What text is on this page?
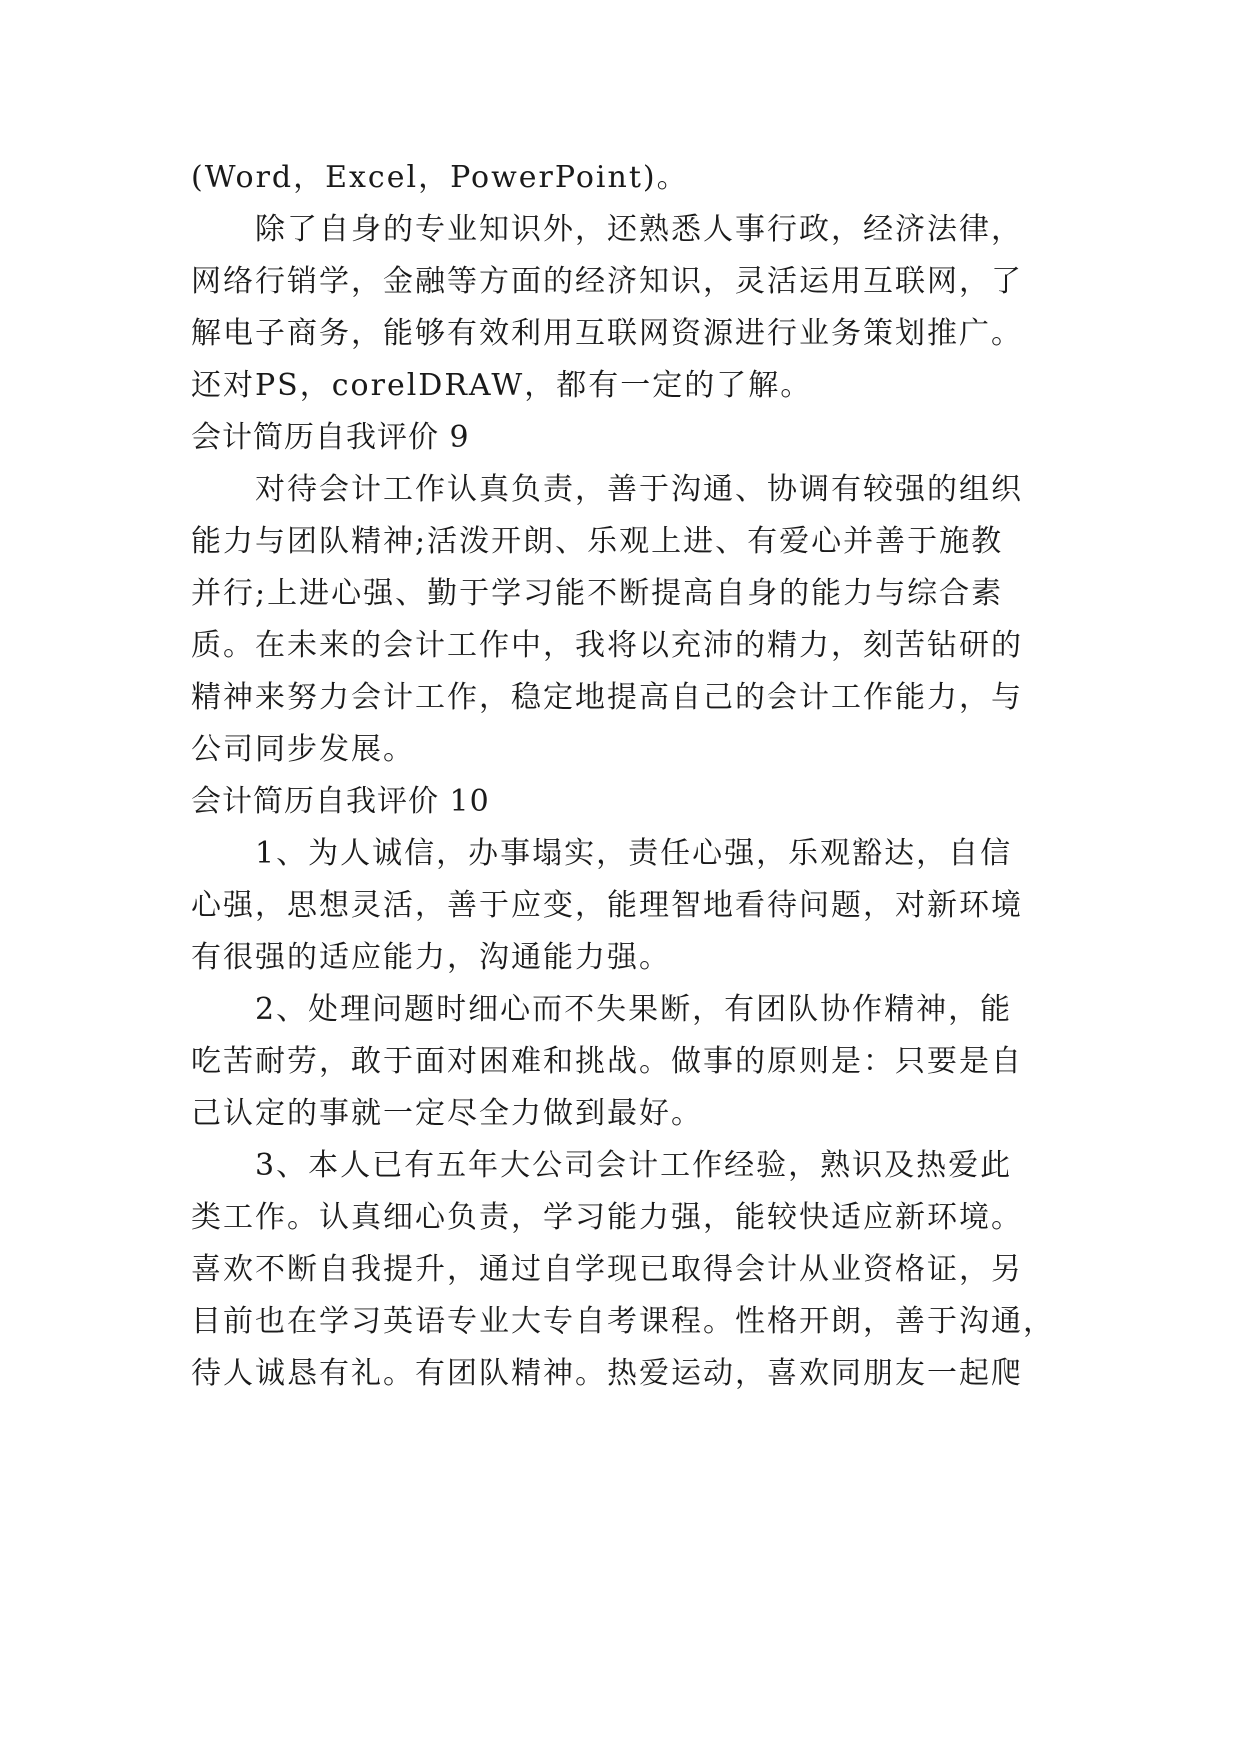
(Word，Excel，PowerPoint)。
除了自身的专业知识外，还熟悉人事行政，经济法律，
网络行销学，金融等方面的经济知识，灵活运用互联网，了
解电子商务，能够有效利用互联网资源进行业务策划推广。
还对PS，corelDRAW，都有一定的了解。
会计简历自我评价 9
对待会计工作认真负责，善于沟通、协调有较强的组织
能力与团队精神;活泼开朗、乐观上进、有爱心并善于施教
并行;上进心强、勤于学习能不断提高自身的能力与综合素
质。在未来的会计工作中，我将以充沛的精力，刻苦钻研的
精神来努力会计工作，稳定地提高自己的会计工作能力，与
公司同步发展。
会计简历自我评价 10
1、为人诚信，办事塌实，责任心强，乐观豁达，自信
心强，思想灵活，善于应变，能理智地看待问题，对新环境
有很强的适应能力，沟通能力强。
2、处理问题时细心而不失果断，有团队协作精神，能
吃苦耐劳，敢于面对困难和挑战。做事的原则是：只要是自
己认定的事就一定尽全力做到最好。
3、本人已有五年大公司会计工作经验，熟识及热爱此
类工作。认真细心负责，学习能力强，能较快适应新环境。
喜欢不断自我提升，通过自学现已取得会计从业资格证，另
目前也在学习英语专业大专自考课程。性格开朗，善于沟通，
待人诚恳有礼。有团队精神。热爱运动，喜欢同朋友一起爬
